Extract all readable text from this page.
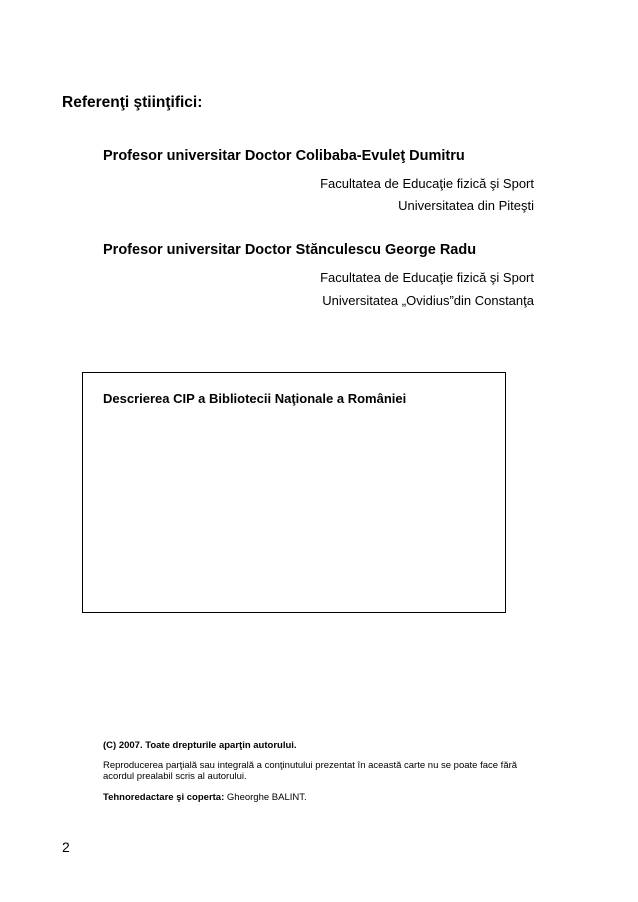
Referenţi ştiinţifici:
Profesor universitar Doctor Colibaba-Evuleţ Dumitru
Facultatea de Educaţie fizică şi Sport
Universitatea din Piteşti
Profesor universitar Doctor Stănculescu George Radu
Facultatea de Educaţie fizică şi Sport
Universitatea „Ovidius”din Constanţa
Descrierea CIP a Bibliotecii Naţionale a României
(C) 2007. Toate drepturile aparţin autorului.
Reproducerea parţială sau integrală a conţinutului prezentat în această carte nu se poate face fără acordul prealabil scris al autorului.
Tehnoredactare şi coperta: Gheorghe BALINT.
2
